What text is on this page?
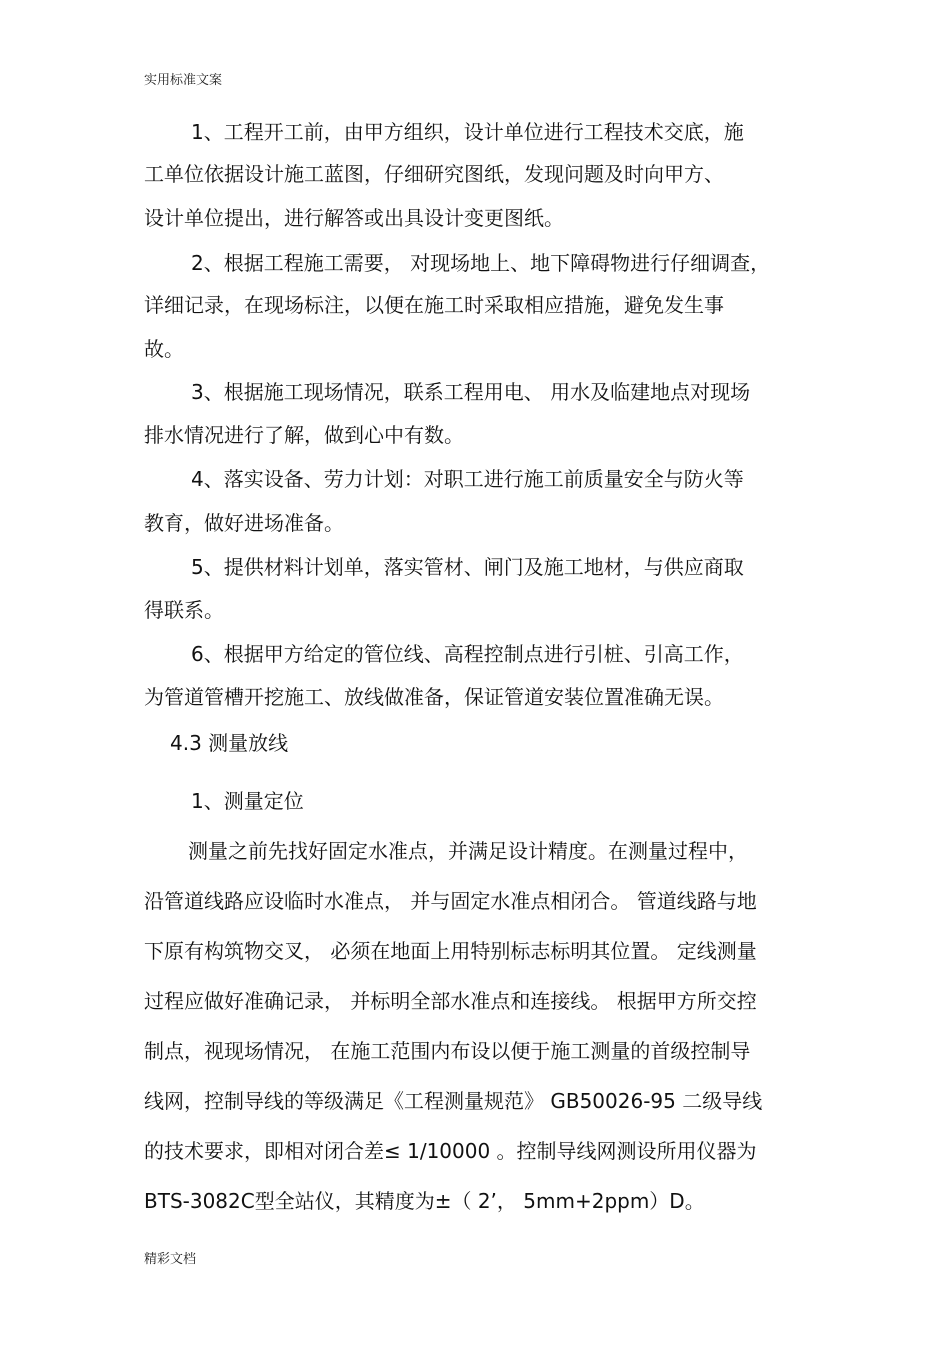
实用标准文案
1、工程开工前，由甲方组织，设计单位进行工程技术交底，施
工单位依据设计施工蓝图，仔细研究图纸，发现问题及时向甲方、
设计单位提出，进行解答或出具设计变更图纸。
2、根据工程施工需要， 对现场地上、地下障碍物进行仔细调查，
详细记录，在现场标注，以便在施工时采取相应措施，避免发生事
故。
3、根据施工现场情况，联系工程用电、 用水及临建地点对现场
排水情况进行了解，做到心中有数。
4、落实设备、劳力计划：对职工进行施工前质量安全与防火等
教育，做好进场准备。
5、提供材料计划单，落实管材、闸门及施工地材，与供应商取
得联系。
6、根据甲方给定的管位线、高程控制点进行引桩、引高工作，
为管道管槽开挖施工、放线做准备，保证管道安装位置准确无误。
4.3 测量放线
1、测量定位
测量之前先找好固定水准点，并满足设计精度。在测量过程中，
沿管道线路应设临时水准点， 并与固定水准点相闭合。 管道线路与地
下原有构筑物交叉， 必须在地面上用特别标志标明其位置。 定线测量
过程应做好准确记录， 并标明全部水准点和连接线。 根据甲方所交控
制点，视现场情况， 在施工范围内布设以便于施工测量的首级控制导
线网，控制导线的等级满足《工程测量规范》 GB50026-95 二级导线
的技术要求，即相对闭合差≤ 1/10000 。控制导线网测设所用仪器为
BTS-3082C型全站仪，其精度为±（ 2’， 5mm+2ppm）D。
精彩文档
